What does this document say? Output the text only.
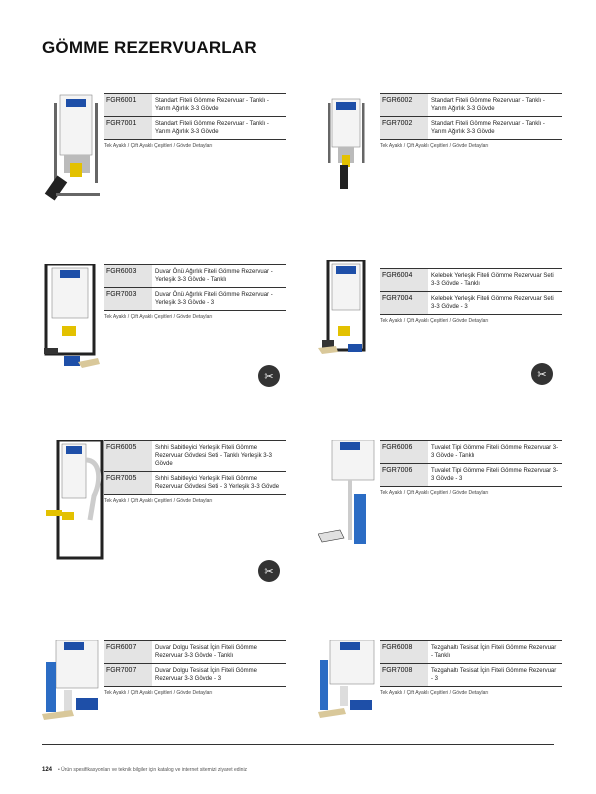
GÖMME REZERVUARLAR
FGR6001	Standart Fiteli Gömme Rezervuar - Tanklı - Yarım Ağırlık 3-3 Gövde
FGR7001	Standart Fiteli Gömme Rezervuar - Tanklı - Yarım Ağırlık 3-3 Gövde
Tek Ayaklı / Çift Ayaklı Çeşitleri / Gövde Detayları
FGR6002	Standart Fiteli Gömme Rezervuar - Tanklı - Yarım Ağırlık 3-3 Gövde
FGR7002	Standart Fiteli Gömme Rezervuar - Tanklı - Yarım Ağırlık 3-3 Gövde
Tek Ayaklı / Çift Ayaklı Çeşitleri / Gövde Detayları
FGR6003	Duvar Önü Ağırlık Fiteli Gömme Rezervuar - Yerleşik 3-3 Gövde - Tanklı
FGR7003	Duvar Önü Ağırlık Fiteli Gömme Rezervuar - Yerleşik 3-3 Gövde - 3
Tek Ayaklı / Çift Ayaklı Çeşitleri / Gövde Detayları
✂
FGR6004	Kelebek Yerleşik Fiteli Gömme Rezervuar Seti 3-3 Gövde - Tanklı
FGR7004	Kelebek Yerleşik Fiteli Gömme Rezervuar Seti 3-3 Gövde - 3
Tek Ayaklı / Çift Ayaklı Çeşitleri / Gövde Detayları
✂
FGR6005	Sıhhi Sabitleyici Yerleşik Fiteli Gömme Rezervuar Gövdesi Seti - Tanklı Yerleşik 3-3 Gövde
FGR7005	Sıhhi Sabitleyici Yerleşik Fiteli Gömme Rezervuar Gövdesi Seti - 3 Yerleşik 3-3 Gövde
Tek Ayaklı / Çift Ayaklı Çeşitleri / Gövde Detayları
✂
FGR6006	Tuvalet Tipi Gömme Fiteli Gömme Rezervuar 3-3 Gövde - Tanklı
FGR7006	Tuvalet Tipi Gömme Fiteli Gömme Rezervuar 3-3 Gövde - 3
Tek Ayaklı / Çift Ayaklı Çeşitleri / Gövde Detayları
FGR6007	Duvar Dolgu Tesisat İçin Fiteli Gömme Rezervuar 3-3 Gövde - Tanklı
FGR7007	Duvar Dolgu Tesisat İçin Fiteli Gömme Rezervuar 3-3 Gövde - 3
Tek Ayaklı / Çift Ayaklı Çeşitleri / Gövde Detayları
FGR6008	Tezgahaltı Tesisat İçin Fiteli Gömme Rezervuar - Tanklı
FGR7008	Tezgahaltı Tesisat İçin Fiteli Gömme Rezervuar - 3
Tek Ayaklı / Çift Ayaklı Çeşitleri / Gövde Detayları
124 • Ürün spesifikasyonları ve teknik bilgiler için katalog ve internet sitemizi ziyaret ediniz
